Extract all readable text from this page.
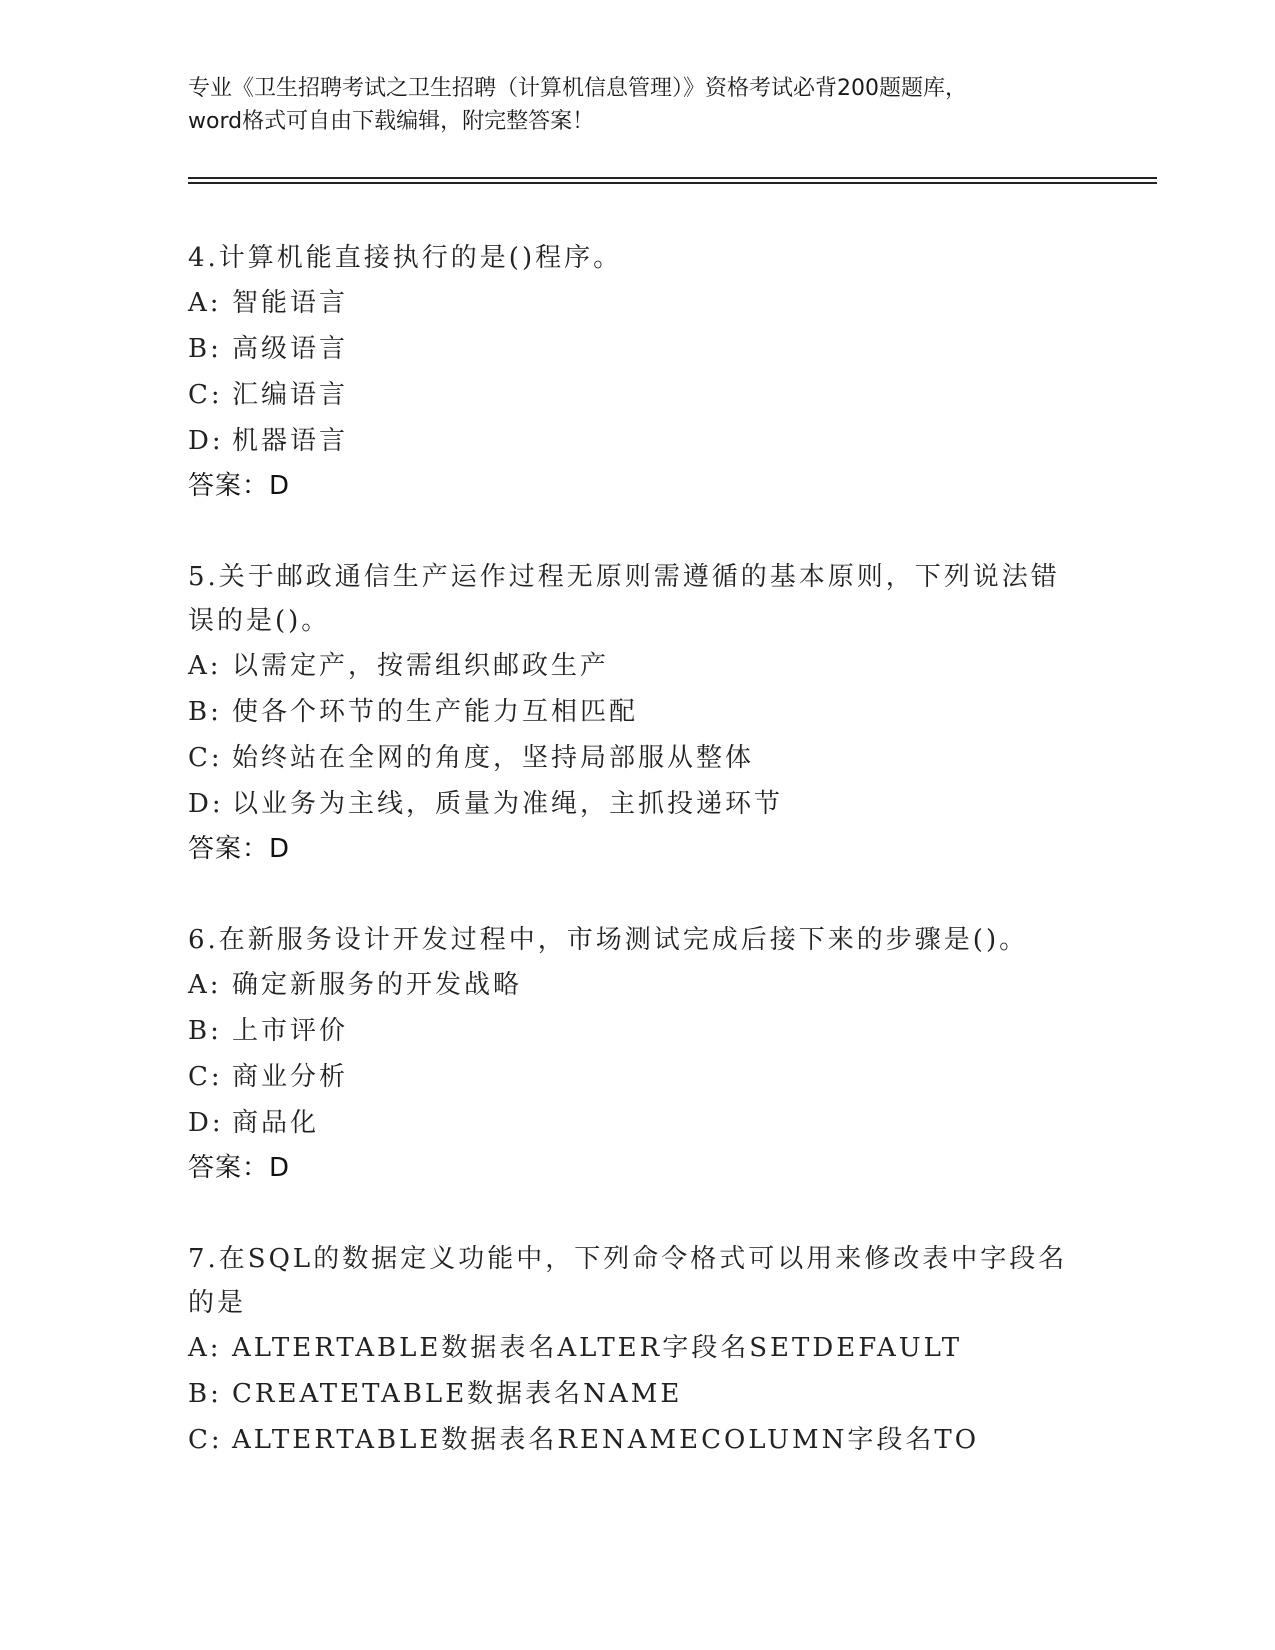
专业《卫生招聘考试之卫生招聘（计算机信息管理）》资格考试必背200题题库，
word格式可自由下载编辑，附完整答案！

4.计算机能直接执行的是()程序。

A: 智能语言

B: 高级语言

C: 汇编语言

D: 机器语言

答案：D

5.关于邮政通信生产运作过程无原则需遵循的基本原则，下列说法错误的是()。

A: 以需定产，按需组织邮政生产

B: 使各个环节的生产能力互相匹配

C: 始终站在全网的角度，坚持局部服从整体

D: 以业务为主线，质量为准绳，主抓投递环节

答案：D

6.在新服务设计开发过程中，市场测试完成后接下来的步骤是()。

A: 确定新服务的开发战略

B: 上市评价

C: 商业分析

D: 商品化

答案：D

7.在SQL的数据定义功能中，下列命令格式可以用来修改表中字段名的是

A: ALTERTABLE数据表名ALTER字段名SETDEFAULT

B: CREATETABLE数据表名NAME

C: ALTERTABLE数据表名RENAMECOLUMN字段名TO
